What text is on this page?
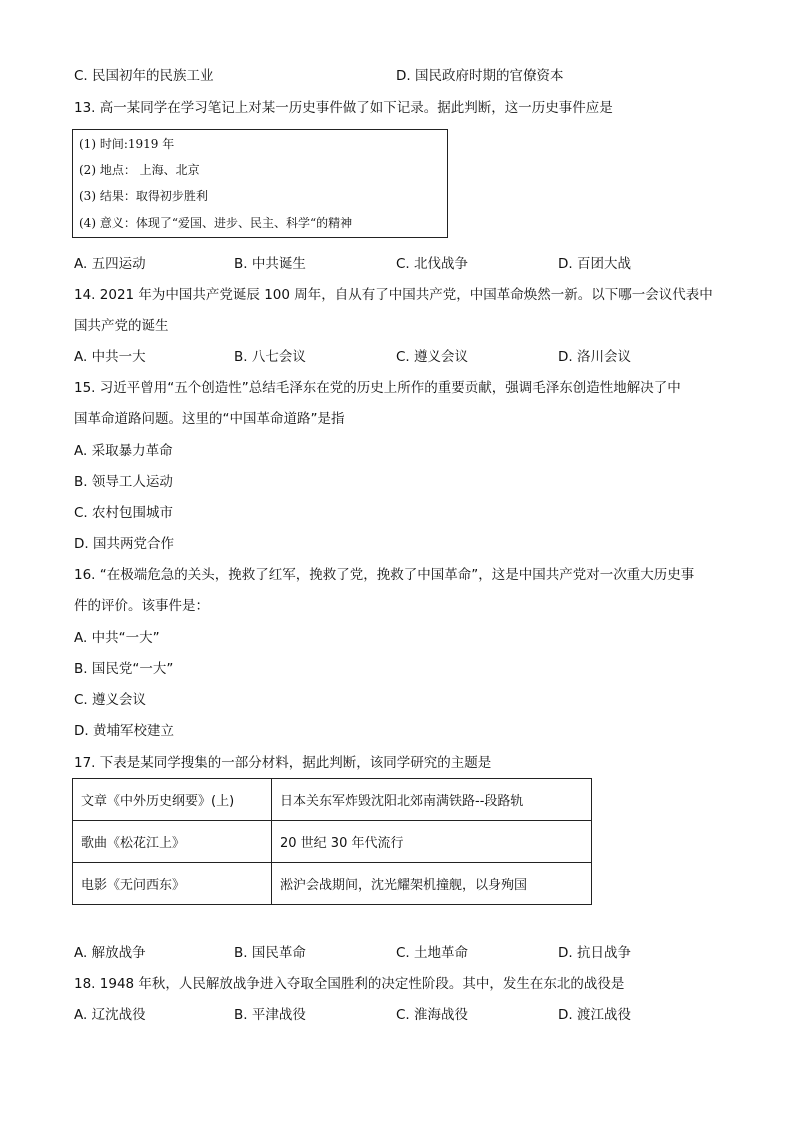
C. 民国初年的民族工业	D. 国民政府时期的官僚资本
13. 高一某同学在学习笔记上对某一历史事件做了如下记录。据此判断，这一历史事件应是
(1) 时间:1919 年
(2) 地点： 上海、北京
(3) 结果：取得初步胜利
(4) 意义：体现了“爱国、进步、民主、科学“的精神
A. 五四运动	B. 中共诞生	C. 北伐战争	D. 百团大战
14. 2021 年为中国共产党诞辰 100 周年，自从有了中国共产党，中国革命焕然一新。以下哪一会议代表中
国共产党的诞生
A. 中共一大	B. 八七会议	C. 遵义会议	D. 洛川会议
15. 习近平曾用“五个创造性”总结毛泽东在党的历史上所作的重要贡献，强调毛泽东创造性地解决了中
国革命道路问题。这里的“中国革命道路”是指
A. 采取暴力革命
B. 领导工人运动
C. 农村包围城市
D. 国共两党合作
16. “在极端危急的关头，挽救了红军，挽救了党，挽救了中国革命”，这是中国共产党对一次重大历史事
件的评价。该事件是：
A. 中共“一大”
B. 国民党“一大”
C. 遵义会议
D. 黄埔军校建立
17. 下表是某同学搜集的一部分材料，据此判断，该同学研究的主题是
文章《中外历史纲要》(上)	日本关东军炸毁沈阳北郊南满铁路--段路轨
歌曲《松花江上》	20 世纪 30 年代流行
电影《无问西东》	淞沪会战期间，沈光耀架机撞舰，以身殉国
A. 解放战争	B. 国民革命	C. 土地革命	D. 抗日战争
18. 1948 年秋，人民解放战争进入夺取全国胜利的决定性阶段。其中，发生在东北的战役是
A. 辽沈战役	B. 平津战役	C. 淮海战役	D. 渡江战役
